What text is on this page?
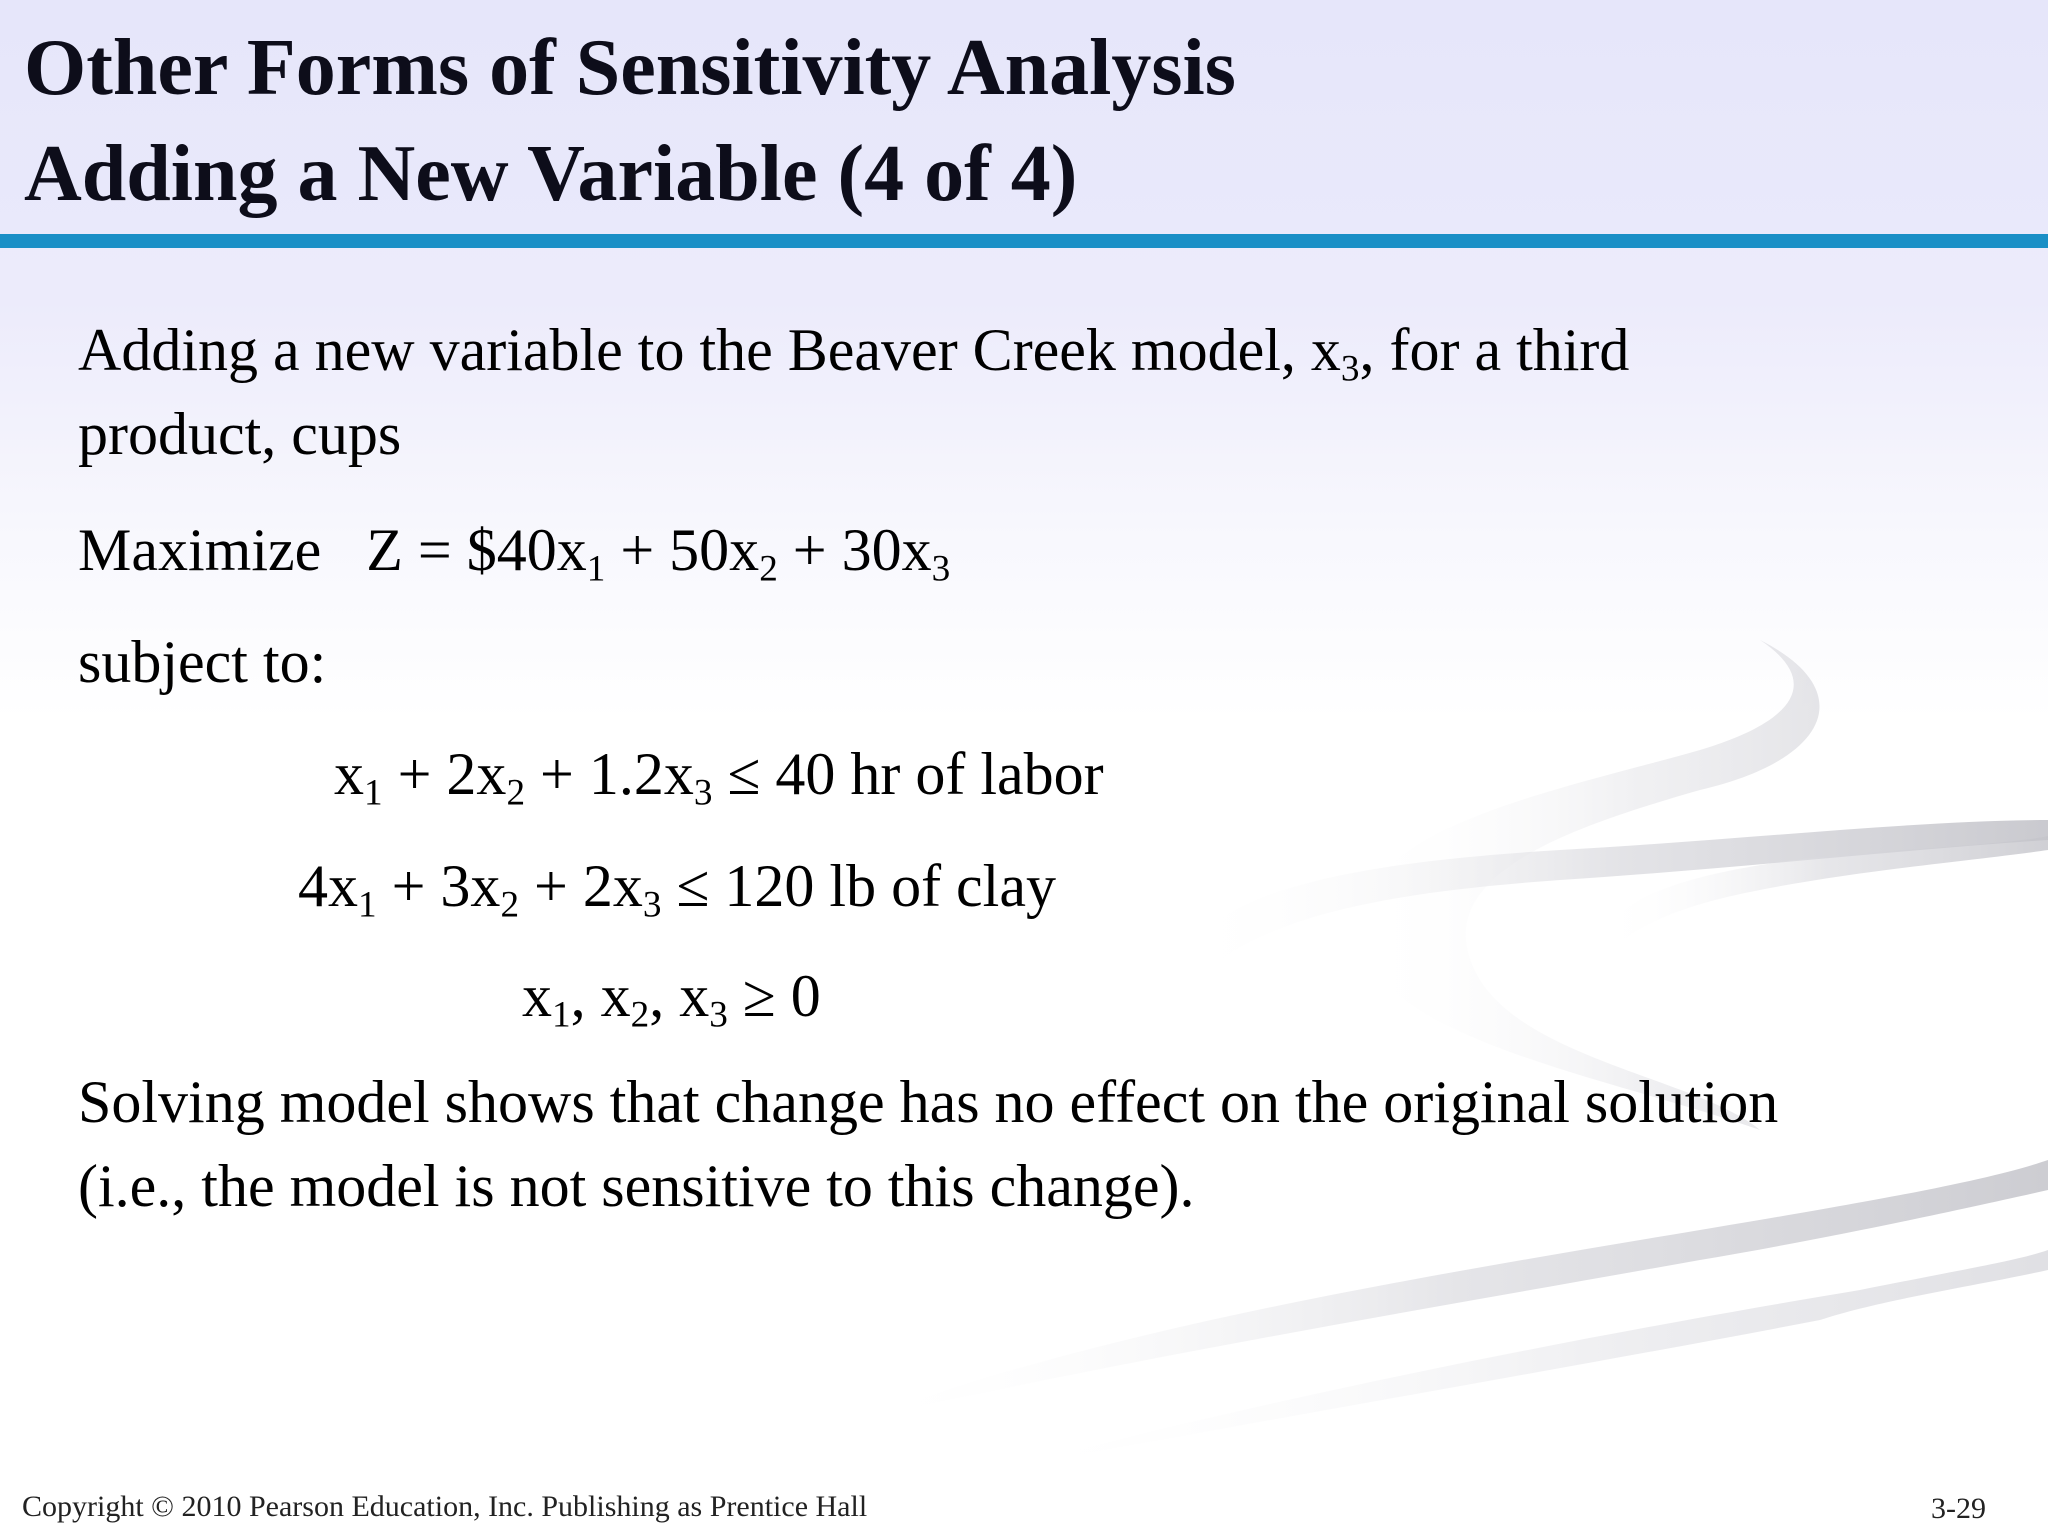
Other Forms of Sensitivity Analysis
Adding a New Variable (4 of 4)

Adding a new variable to the Beaver Creek model, $x_3$, for a third
product, cups

Maximize   $Z = \$40x_1 + 50x_2 + 30x_3$

subject to:

$x_1 + 2x_2 + 1.2x_3 \le 40$ hr of labor
$4x_1 + 3x_2 + 2x_3 \le 120$ lb of clay
$x_1$, $x_2$, $x_3 \ge 0$

Solving model shows that change has no effect on the original solution
(i.e., the model is not sensitive to this change).

Copyright © 2010 Pearson Education, Inc. Publishing as Prentice Hall	3-29
